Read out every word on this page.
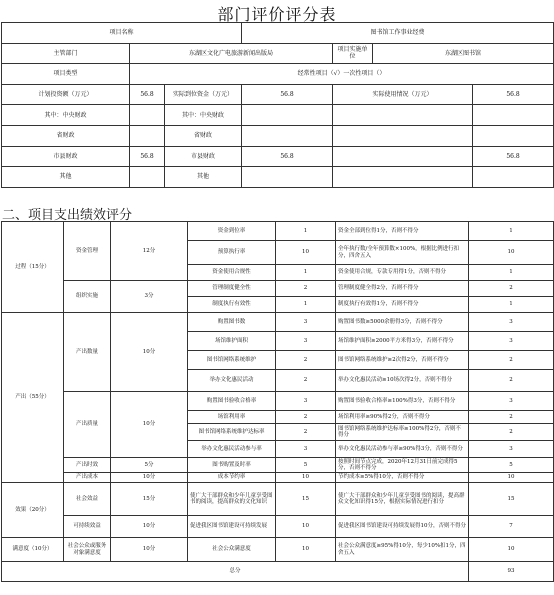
部门评价评分表
项目名称			图书馆工作事业经费			
主管部门	东湖区文化广电旅游新闻出版局			项目实施单位	东湖区图书馆	
项目类型	经常性项目（√）一次性项目（）					
计划投资额（万元）	56.8	实际到位资金（万元）	56.8	实际使用情况（万元）		56.8
其中：中央财政		其中：中央财政				
省财政		省财政				
市县财政	56.8	市县财政	56.8			56.8
其他		其他				
二、项目支出绩效评分
过程（15分）	资金管理	12分	资金到位率	1	资金全部到位得1分，否则不得分	1
			预算执行率	10	全年执行数/全年预算数×100%，根据比例进行扣分，四舍五入	10
			资金使用合规性	1	资金使用合规，专款专用得1分，否则不得分	1
	组织实施	3分	管理制度健全性	2	管理制度健全得2分，否则不得分	2
			制度执行有效性	1	制度执行有效得1分，否则不得分	1
产出（55分）	产出数量	10分	购置图书数	3	购置图书数≥5000余册得3分，否则不得分	3
			场馆维护面积	3	场馆维护面积≥2000平方米得3分，否则不得分	3
			图书馆网络系统维护	2	图书馆网络系统维护≥2次得2分，否则不得分	2
			举办文化惠民活动	2	举办文化惠民活动≥10场次得2分，否则不得分	2
	产出质量	10分	购置图书验收合格率	3	购置图书验收合格率≥100%得3分，否则不得分	3
			场馆利用率	2	场馆利用率≥90%得2分，否则不得分	2
			图书馆网络系统维护达标率	2	图书馆网络系统维护达标率≥100%得2分，否则不得分	2
			举办文化惠民活动参与率	3	举办文化惠民活动参与率≥90%得3分，否则不得分	3
	产出时效	5分	图书购置及时率	5	按照时间节点完成，2020年12月31日前完成得5分，否则不得分	5
	产出成本	10分	成本节约率	10	节约成本≥5%得10分，否则不得分	10
效果（20分）	社会效益	15分	使广大干部群众和少年儿童享受图书的阅读，提高群众的文化知识	15	使广大干部群众和少年儿童享受图书的阅读，提高群众文化知识得15分，根据实际情况进行扣分	15
	可持续效益	10分	促进我区图书馆建设可持续发展	10	促进我区图书馆建设可持续发展得10分，否则不得分	7
满意度（10分）	社会公众或服务对象满意度	10分	社会公众满意度	10	社会公众满意度≥95%得10分，每少10%扣1分，四舍五入	10
总分						93
